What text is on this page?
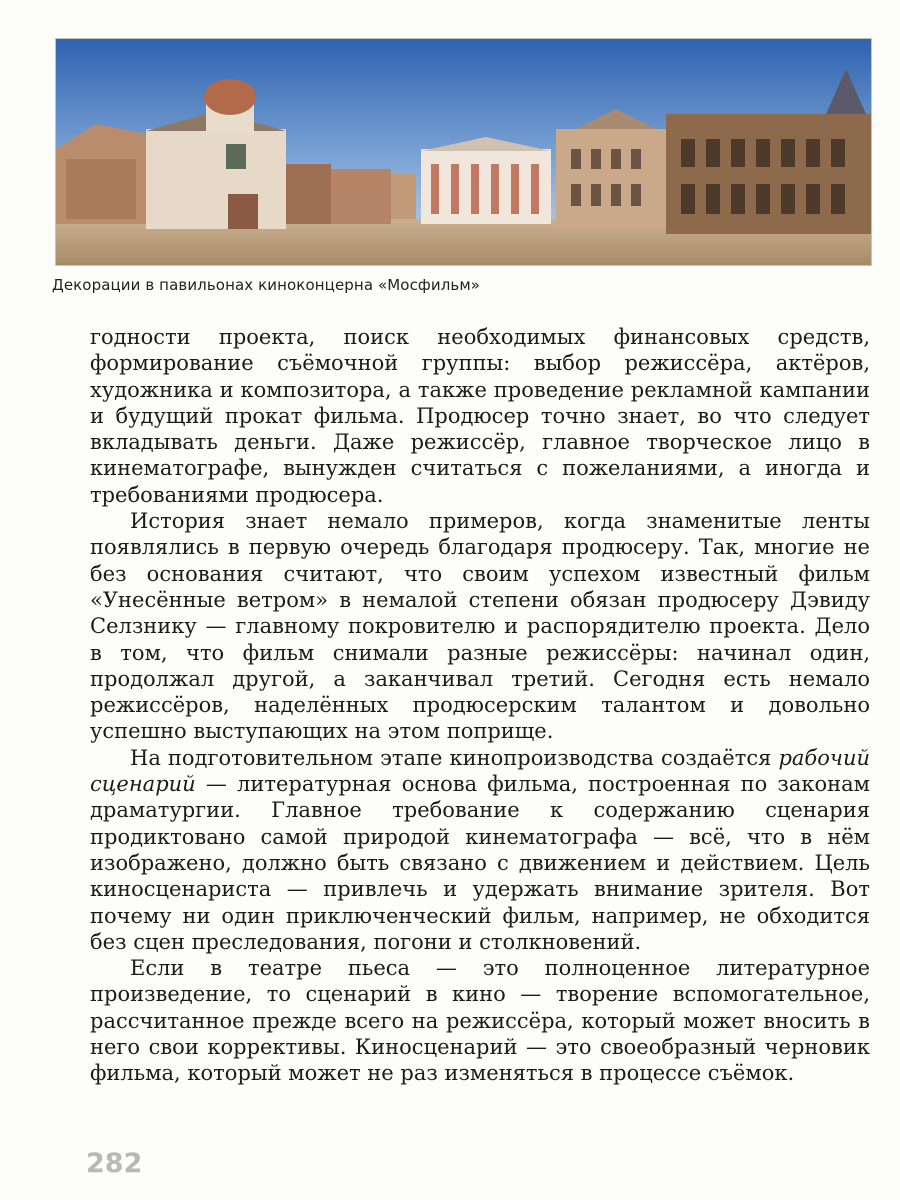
Декорации в павильонах киноконцерна «Мосфильм»

годности проекта, поиск необходимых финансовых средств, формирование съёмочной группы: выбор режиссёра, актёров, художника и композитора, а также проведение рекламной кампании и будущий прокат фильма. Продюсер точно знает, во что следует вкладывать деньги. Даже режиссёр, главное творческое лицо в кинематографе, вынужден считаться с пожеланиями, а иногда и требованиями продюсера.

История знает немало примеров, когда знаменитые ленты появлялись в первую очередь благодаря продюсеру. Так, многие не без основания считают, что своим успехом известный фильм «Унесённые ветром» в немалой степени обязан продюсеру Дэвиду Селзнику — главному покровителю и распорядителю проекта. Дело в том, что фильм снимали разные режиссёры: начинал один, продолжал другой, а заканчивал третий. Сегодня есть немало режиссёров, наделённых продюсерским талантом и довольно успешно выступающих на этом поприще.

На подготовительном этапе кинопроизводства создаётся рабочий сценарий — литературная основа фильма, построенная по законам драматургии. Главное требование к содержанию сценария продиктовано самой природой кинематографа — всё, что в нём изображено, должно быть связано с движением и действием. Цель киносценариста — привлечь и удержать внимание зрителя. Вот почему ни один приключенческий фильм, например, не обходится без сцен преследования, погони и столкновений.

Если в театре пьеса — это полноценное литературное произведение, то сценарий в кино — творение вспомогательное, рассчитанное прежде всего на режиссёра, который может вносить в него свои коррективы. Киносценарий — это своеобразный черновик фильма, который может не раз изменяться в процессе съёмок.

282
